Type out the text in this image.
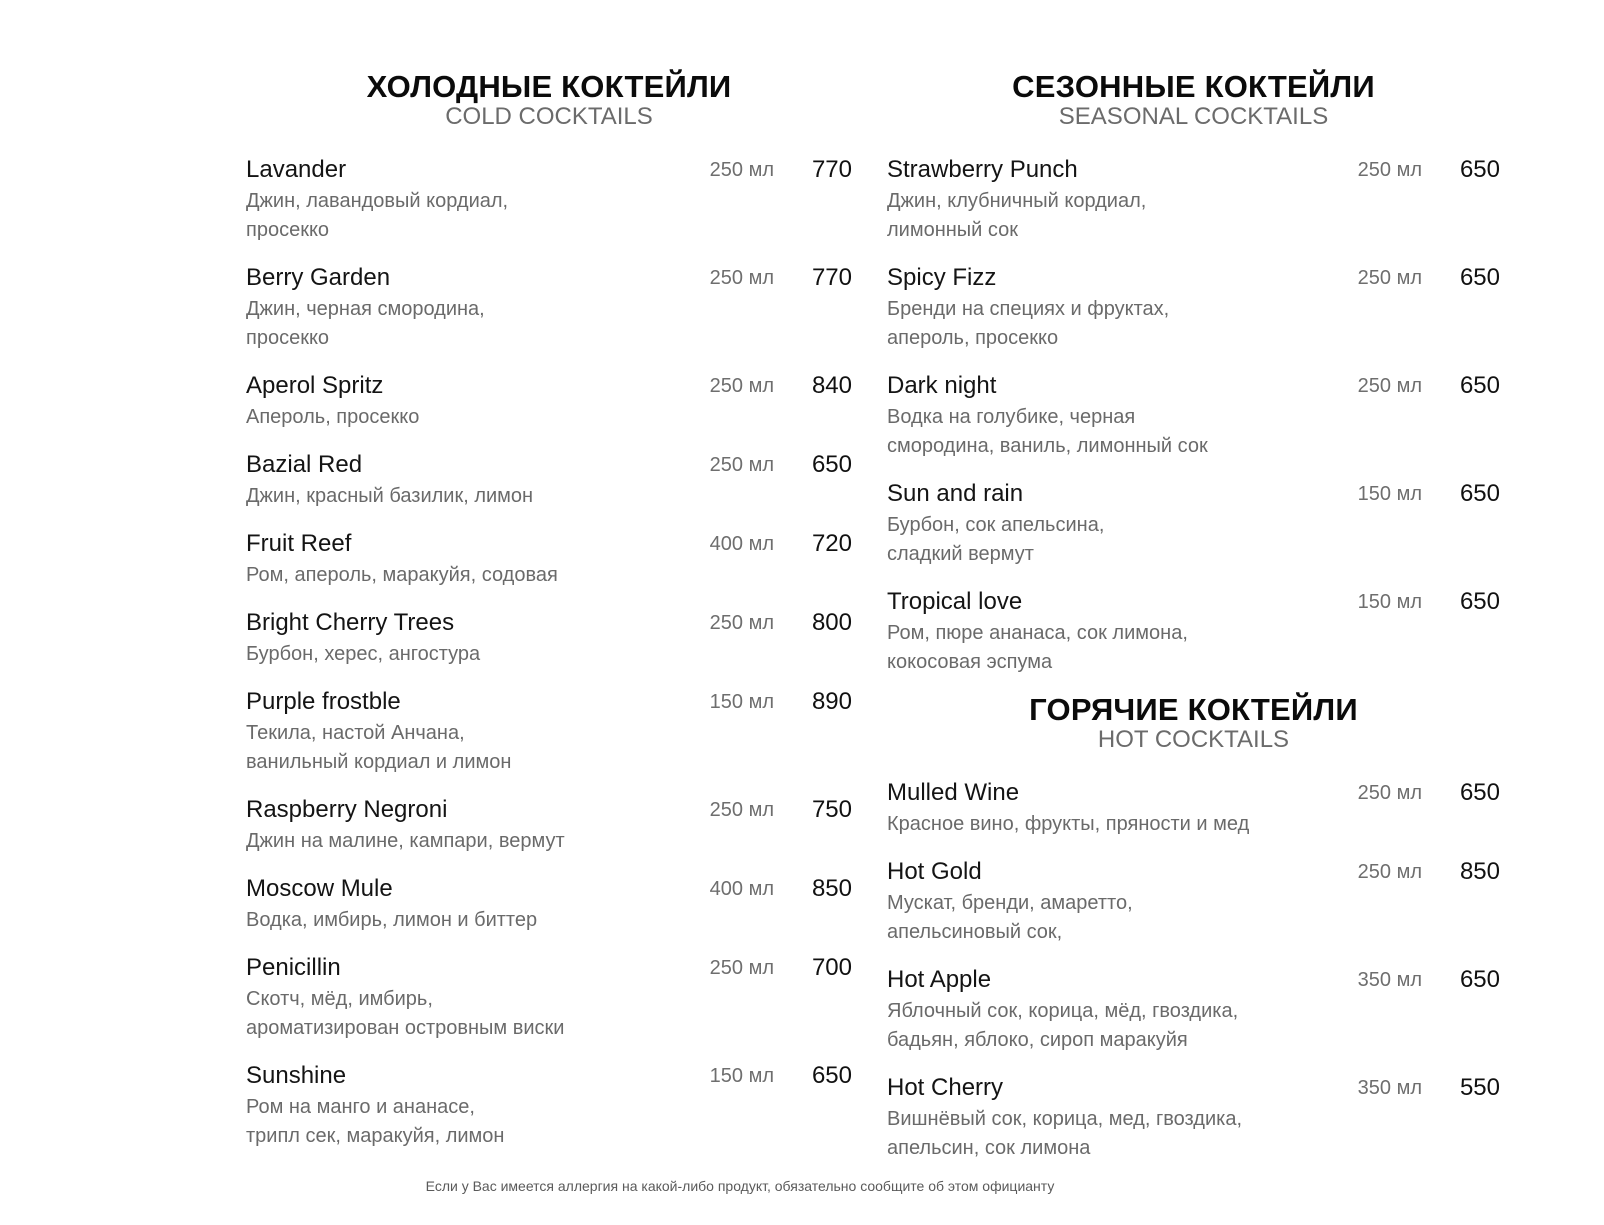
ХОЛОДНЫЕ КОКТЕЙЛИ
COLD COCKTAILS
Lavander	250 мл 770
Джин, лавандовый кордиал,
просекко
Berry Garden	250 мл 770
Джин, черная смородина,
просекко
Aperol Spritz	250 мл 840
Апероль, просекко
Bazial Red	250 мл 650
Джин, красный базилик, лимон
Fruit Reef	400 мл 720
Ром, апероль, маракуйя, содовая
Bright Cherry Trees	250 мл 800
Бурбон, херес, ангостура
Purple frostble	150 мл 890
Текила, настой Анчана,
ванильный кордиал и лимон
Raspberry Negroni	250 мл 750
Джин на малине, кампари, вермут
Moscow Mule	400 мл 850
Водка, имбирь, лимон и биттер
Penicillin	250 мл 700
Скотч, мёд, имбирь,
ароматизирован островным виски
Sunshine	150 мл 650
Ром на манго и ананасе,
трипл сек, маракуйя, лимон
СЕЗОННЫЕ КОКТЕЙЛИ
SEASONAL COCKTAILS
Strawberry Punch	250 мл 650
Джин, клубничный кордиал,
лимонный сок
Spicy Fizz	250 мл 650
Бренди на специях и фруктах,
апероль, просекко
Dark night	250 мл 650
Водка на голубике, черная
смородина, ваниль, лимонный сок
Sun and rain	150 мл 650
Бурбон, сок апельсина,
сладкий вермут
Tropical love	150 мл 650
Ром, пюре ананаса, сок лимона,
кокосовая эспума
ГОРЯЧИЕ КОКТЕЙЛИ
HOT COCKTAILS
Mulled Wine	250 мл 650
Красное вино, фрукты, пряности и мед
Hot Gold	250 мл 850
Мускат, бренди, амаретто,
апельсиновый сок,
Hot Apple	350 мл 650
Яблочный сок, корица, мёд, гвоздика,
бадьян, яблоко, сироп маракуйя
Hot Cherry	350 мл 550
Вишнёвый сок, корица, мед, гвоздика,
апельсин, сок лимона
Если у Вас имеется аллергия на какой-либо продукт, обязательно сообщите об этом официанту
